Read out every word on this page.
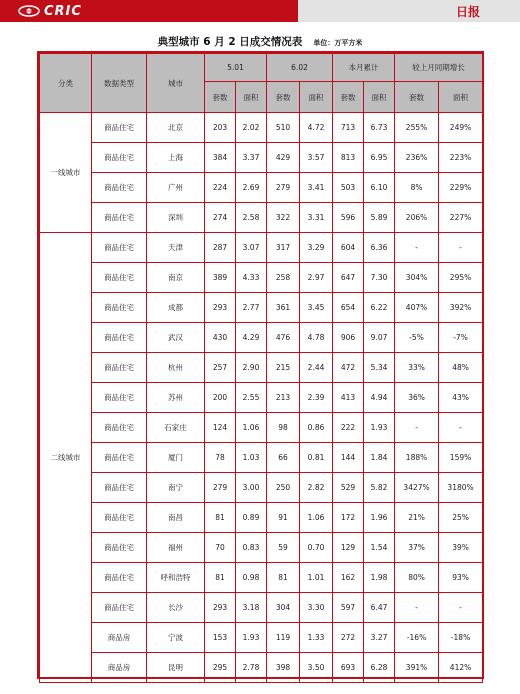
CRIC	日报
典型城市 6 月 2 日成交情况表 单位：万平方米
分类	数据类型	城市	5.01		6.02		本月累计		较上月同期增长	
			套数	面积	套数	面积	套数	面积	套数	面积
一线城市	商品住宅	北京	203	2.02	510	4.72	713	6.73	255%	249%
	商品住宅	上海	384	3.37	429	3.57	813	6.95	236%	223%
	商品住宅	广州	224	2.69	279	3.41	503	6.10	8%	229%
	商品住宅	深圳	274	2.58	322	3.31	596	5.89	206%	227%
二线城市	商品住宅	天津	287	3.07	317	3.29	604	6.36	-	-
	商品住宅	南京	389	4.33	258	2.97	647	7.30	304%	295%
	商品住宅	成都	293	2.77	361	3.45	654	6.22	407%	392%
	商品住宅	武汉	430	4.29	476	4.78	906	9.07	-5%	-7%
	商品住宅	杭州	257	2.90	215	2.44	472	5.34	33%	48%
	商品住宅	苏州	200	2.55	213	2.39	413	4.94	36%	43%
	商品住宅	石家庄	124	1.06	98	0.86	222	1.93	-	-
	商品住宅	厦门	78	1.03	66	0.81	144	1.84	188%	159%
	商品住宅	南宁	279	3.00	250	2.82	529	5.82	3427%	3180%
	商品住宅	南昌	81	0.89	91	1.06	172	1.96	21%	25%
	商品住宅	福州	70	0.83	59	0.70	129	1.54	37%	39%
	商品住宅	呼和浩特	81	0.98	81	1.01	162	1.98	80%	93%
	商品住宅	长沙	293	3.18	304	3.30	597	6.47	-	-
	商品房	宁波	153	1.93	119	1.33	272	3.27	-16%	-18%
	商品房	昆明	295	2.78	398	3.50	693	6.28	391%	412%
